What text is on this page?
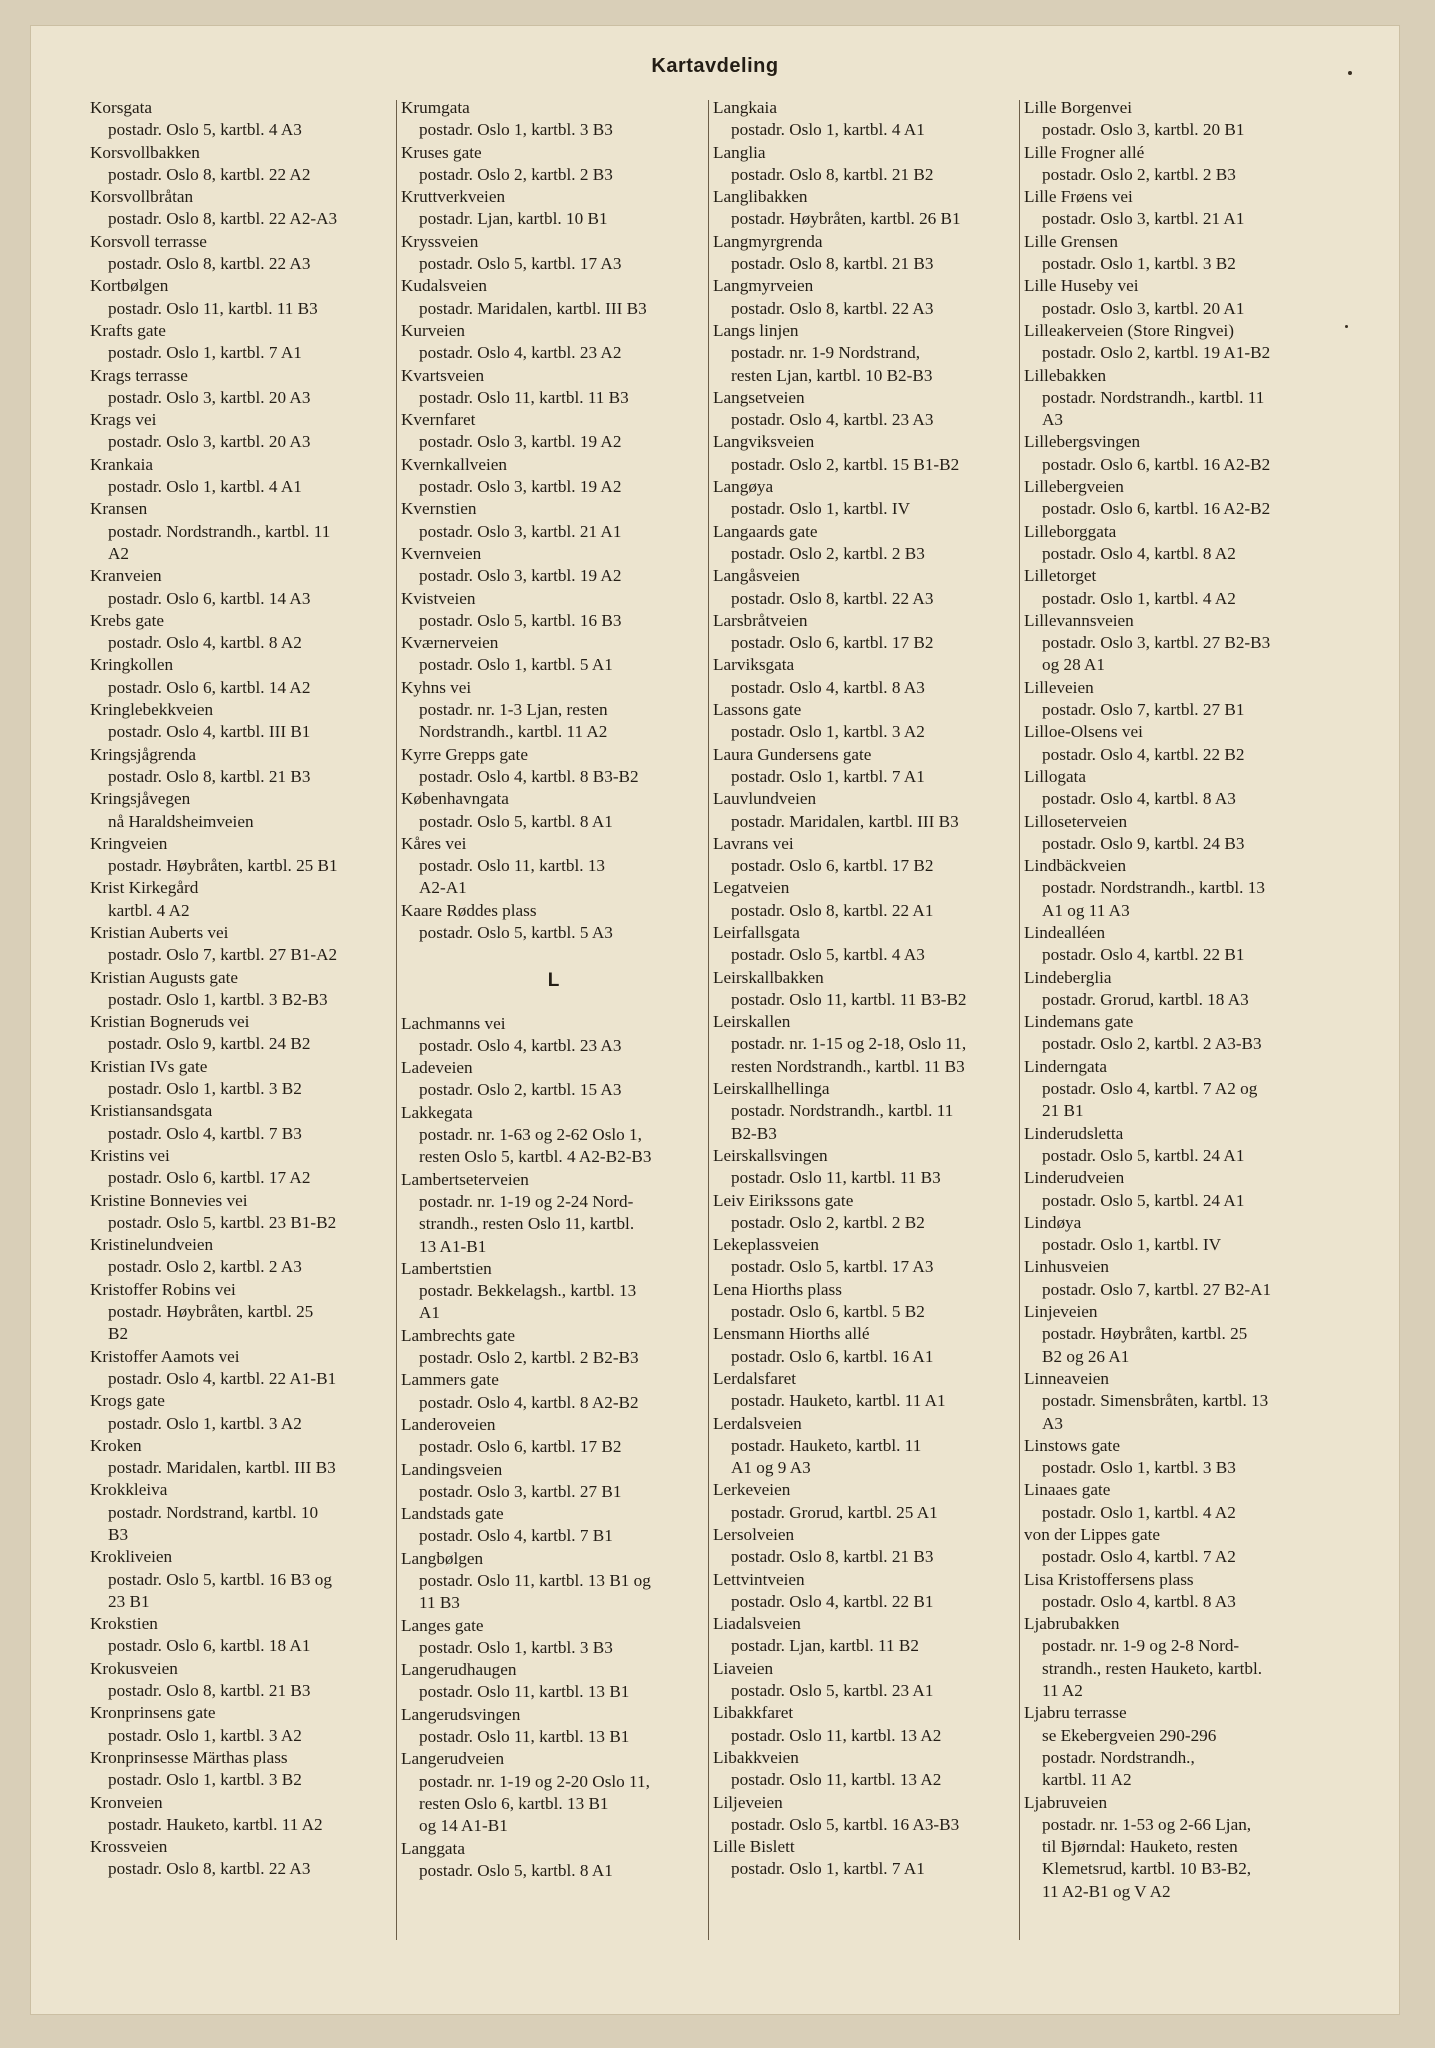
Kartavdeling
Korsgata
postadr. Oslo 5, kartbl. 4 A3
Korsvollbakken
postadr. Oslo 8, kartbl. 22 A2
Korsvollbråtan
postadr. Oslo 8, kartbl. 22 A2-A3
Korsvoll terrasse
postadr. Oslo 8, kartbl. 22 A3
Kortbølgen
postadr. Oslo 11, kartbl. 11 B3
Krafts gate
postadr. Oslo 1, kartbl. 7 A1
Krags terrasse
postadr. Oslo 3, kartbl. 20 A3
Krags vei
postadr. Oslo 3, kartbl. 20 A3
Krankaia
postadr. Oslo 1, kartbl. 4 A1
Kransen
postadr. Nordstrandh., kartbl. 11
A2
Kranveien
postadr. Oslo 6, kartbl. 14 A3
Krebs gate
postadr. Oslo 4, kartbl. 8 A2
Kringkollen
postadr. Oslo 6, kartbl. 14 A2
Kringlebekkveien
postadr. Oslo 4, kartbl. III B1
Kringsjågrenda
postadr. Oslo 8, kartbl. 21 B3
Kringsjåvegen
nå Haraldsheimveien
Kringveien
postadr. Høybråten, kartbl. 25 B1
Krist Kirkegård
kartbl. 4 A2
Kristian Auberts vei
postadr. Oslo 7, kartbl. 27 B1-A2
Kristian Augusts gate
postadr. Oslo 1, kartbl. 3 B2-B3
Kristian Bogneruds vei
postadr. Oslo 9, kartbl. 24 B2
Kristian IVs gate
postadr. Oslo 1, kartbl. 3 B2
Kristiansandsgata
postadr. Oslo 4, kartbl. 7 B3
Kristins vei
postadr. Oslo 6, kartbl. 17 A2
Kristine Bonnevies vei
postadr. Oslo 5, kartbl. 23 B1-B2
Kristinelundveien
postadr. Oslo 2, kartbl. 2 A3
Kristoffer Robins vei
postadr. Høybråten, kartbl. 25
B2
Kristoffer Aamots vei
postadr. Oslo 4, kartbl. 22 A1-B1
Krogs gate
postadr. Oslo 1, kartbl. 3 A2
Kroken
postadr. Maridalen, kartbl. III B3
Krokkleiva
postadr. Nordstrand, kartbl. 10
B3
Krokliveien
postadr. Oslo 5, kartbl. 16 B3 og
23 B1
Krokstien
postadr. Oslo 6, kartbl. 18 A1
Krokusveien
postadr. Oslo 8, kartbl. 21 B3
Kronprinsens gate
postadr. Oslo 1, kartbl. 3 A2
Kronprinsesse Märthas plass
postadr. Oslo 1, kartbl. 3 B2
Kronveien
postadr. Hauketo, kartbl. 11 A2
Krossveien
postadr. Oslo 8, kartbl. 22 A3
Krumgata
postadr. Oslo 1, kartbl. 3 B3
Kruses gate
postadr. Oslo 2, kartbl. 2 B3
Kruttverkveien
postadr. Ljan, kartbl. 10 B1
Kryssveien
postadr. Oslo 5, kartbl. 17 A3
Kudalsveien
postadr. Maridalen, kartbl. III B3
Kurveien
postadr. Oslo 4, kartbl. 23 A2
Kvartsveien
postadr. Oslo 11, kartbl. 11 B3
Kvernfaret
postadr. Oslo 3, kartbl. 19 A2
Kvernkallveien
postadr. Oslo 3, kartbl. 19 A2
Kvernstien
postadr. Oslo 3, kartbl. 21 A1
Kvernveien
postadr. Oslo 3, kartbl. 19 A2
Kvistveien
postadr. Oslo 5, kartbl. 16 B3
Kværnerveien
postadr. Oslo 1, kartbl. 5 A1
Kyhns vei
postadr. nr. 1-3 Ljan, resten
Nordstrandh., kartbl. 11 A2
Kyrre Grepps gate
postadr. Oslo 4, kartbl. 8 B3-B2
Københavngata
postadr. Oslo 5, kartbl. 8 A1
Kåres vei
postadr. Oslo 11, kartbl. 13
A2-A1
Kaare Røddes plass
postadr. Oslo 5, kartbl. 5 A3
L
Lachmanns vei
postadr. Oslo 4, kartbl. 23 A3
Ladeveien
postadr. Oslo 2, kartbl. 15 A3
Lakkegata
postadr. nr. 1-63 og 2-62 Oslo 1,
resten Oslo 5, kartbl. 4 A2-B2-B3
Lambertseterveien
postadr. nr. 1-19 og 2-24 Nord-
strandh., resten Oslo 11, kartbl.
13 A1-B1
Lambertstien
postadr. Bekkelagsh., kartbl. 13
A1
Lambrechts gate
postadr. Oslo 2, kartbl. 2 B2-B3
Lammers gate
postadr. Oslo 4, kartbl. 8 A2-B2
Landeroveien
postadr. Oslo 6, kartbl. 17 B2
Landingsveien
postadr. Oslo 3, kartbl. 27 B1
Landstads gate
postadr. Oslo 4, kartbl. 7 B1
Langbølgen
postadr. Oslo 11, kartbl. 13 B1 og
11 B3
Langes gate
postadr. Oslo 1, kartbl. 3 B3
Langerudhaugen
postadr. Oslo 11, kartbl. 13 B1
Langerudsvingen
postadr. Oslo 11, kartbl. 13 B1
Langerudveien
postadr. nr. 1-19 og 2-20 Oslo 11,
resten Oslo 6, kartbl. 13 B1
og 14 A1-B1
Langgata
postadr. Oslo 5, kartbl. 8 A1
Langkaia
postadr. Oslo 1, kartbl. 4 A1
Langlia
postadr. Oslo 8, kartbl. 21 B2
Langlibakken
postadr. Høybråten, kartbl. 26 B1
Langmyrgrenda
postadr. Oslo 8, kartbl. 21 B3
Langmyrveien
postadr. Oslo 8, kartbl. 22 A3
Langs linjen
postadr. nr. 1-9 Nordstrand,
resten Ljan, kartbl. 10 B2-B3
Langsetveien
postadr. Oslo 4, kartbl. 23 A3
Langviksveien
postadr. Oslo 2, kartbl. 15 B1-B2
Langøya
postadr. Oslo 1, kartbl. IV
Langaards gate
postadr. Oslo 2, kartbl. 2 B3
Langåsveien
postadr. Oslo 8, kartbl. 22 A3
Larsbråtveien
postadr. Oslo 6, kartbl. 17 B2
Larviksgata
postadr. Oslo 4, kartbl. 8 A3
Lassons gate
postadr. Oslo 1, kartbl. 3 A2
Laura Gundersens gate
postadr. Oslo 1, kartbl. 7 A1
Lauvlundveien
postadr. Maridalen, kartbl. III B3
Lavrans vei
postadr. Oslo 6, kartbl. 17 B2
Legatveien
postadr. Oslo 8, kartbl. 22 A1
Leirfallsgata
postadr. Oslo 5, kartbl. 4 A3
Leirskallbakken
postadr. Oslo 11, kartbl. 11 B3-B2
Leirskallen
postadr. nr. 1-15 og 2-18, Oslo 11,
resten Nordstrandh., kartbl. 11 B3
Leirskallhellinga
postadr. Nordstrandh., kartbl. 11
B2-B3
Leirskallsvingen
postadr. Oslo 11, kartbl. 11 B3
Leiv Eirikssons gate
postadr. Oslo 2, kartbl. 2 B2
Lekeplassveien
postadr. Oslo 5, kartbl. 17 A3
Lena Hiorths plass
postadr. Oslo 6, kartbl. 5 B2
Lensmann Hiorths allé
postadr. Oslo 6, kartbl. 16 A1
Lerdalsfaret
postadr. Hauketo, kartbl. 11 A1
Lerdalsveien
postadr. Hauketo, kartbl. 11
A1 og 9 A3
Lerkeveien
postadr. Grorud, kartbl. 25 A1
Lersolveien
postadr. Oslo 8, kartbl. 21 B3
Lettvintveien
postadr. Oslo 4, kartbl. 22 B1
Liadalsveien
postadr. Ljan, kartbl. 11 B2
Liaveien
postadr. Oslo 5, kartbl. 23 A1
Libakkfaret
postadr. Oslo 11, kartbl. 13 A2
Libakkveien
postadr. Oslo 11, kartbl. 13 A2
Liljeveien
postadr. Oslo 5, kartbl. 16 A3-B3
Lille Bislett
postadr. Oslo 1, kartbl. 7 A1
Lille Borgenvei
postadr. Oslo 3, kartbl. 20 B1
Lille Frogner allé
postadr. Oslo 2, kartbl. 2 B3
Lille Frøens vei
postadr. Oslo 3, kartbl. 21 A1
Lille Grensen
postadr. Oslo 1, kartbl. 3 B2
Lille Huseby vei
postadr. Oslo 3, kartbl. 20 A1
Lilleakerveien (Store Ringvei)
postadr. Oslo 2, kartbl. 19 A1-B2
Lillebakken
postadr. Nordstrandh., kartbl. 11
A3
Lillebergsvingen
postadr. Oslo 6, kartbl. 16 A2-B2
Lillebergveien
postadr. Oslo 6, kartbl. 16 A2-B2
Lilleborggata
postadr. Oslo 4, kartbl. 8 A2
Lilletorget
postadr. Oslo 1, kartbl. 4 A2
Lillevannsveien
postadr. Oslo 3, kartbl. 27 B2-B3
og 28 A1
Lilleveien
postadr. Oslo 7, kartbl. 27 B1
Lilloe-Olsens vei
postadr. Oslo 4, kartbl. 22 B2
Lillogata
postadr. Oslo 4, kartbl. 8 A3
Lilloseterveien
postadr. Oslo 9, kartbl. 24 B3
Lindbäckveien
postadr. Nordstrandh., kartbl. 13
A1 og 11 A3
Lindealléen
postadr. Oslo 4, kartbl. 22 B1
Lindeberglia
postadr. Grorud, kartbl. 18 A3
Lindemans gate
postadr. Oslo 2, kartbl. 2 A3-B3
Linderngata
postadr. Oslo 4, kartbl. 7 A2 og
21 B1
Linderudsletta
postadr. Oslo 5, kartbl. 24 A1
Linderudveien
postadr. Oslo 5, kartbl. 24 A1
Lindøya
postadr. Oslo 1, kartbl. IV
Linhusveien
postadr. Oslo 7, kartbl. 27 B2-A1
Linjeveien
postadr. Høybråten, kartbl. 25
B2 og 26 A1
Linneaveien
postadr. Simensbråten, kartbl. 13
A3
Linstows gate
postadr. Oslo 1, kartbl. 3 B3
Linaaes gate
postadr. Oslo 1, kartbl. 4 A2
von der Lippes gate
postadr. Oslo 4, kartbl. 7 A2
Lisa Kristoffersens plass
postadr. Oslo 4, kartbl. 8 A3
Ljabrubakken
postadr. nr. 1-9 og 2-8 Nord-
strandh., resten Hauketo, kartbl.
11 A2
Ljabru terrasse
se Ekebergveien 290-296
postadr. Nordstrandh.,
kartbl. 11 A2
Ljabruveien
postadr. nr. 1-53 og 2-66 Ljan,
til Bjørndal: Hauketo, resten
Klemetsrud, kartbl. 10 B3-B2,
11 A2-B1 og V A2
